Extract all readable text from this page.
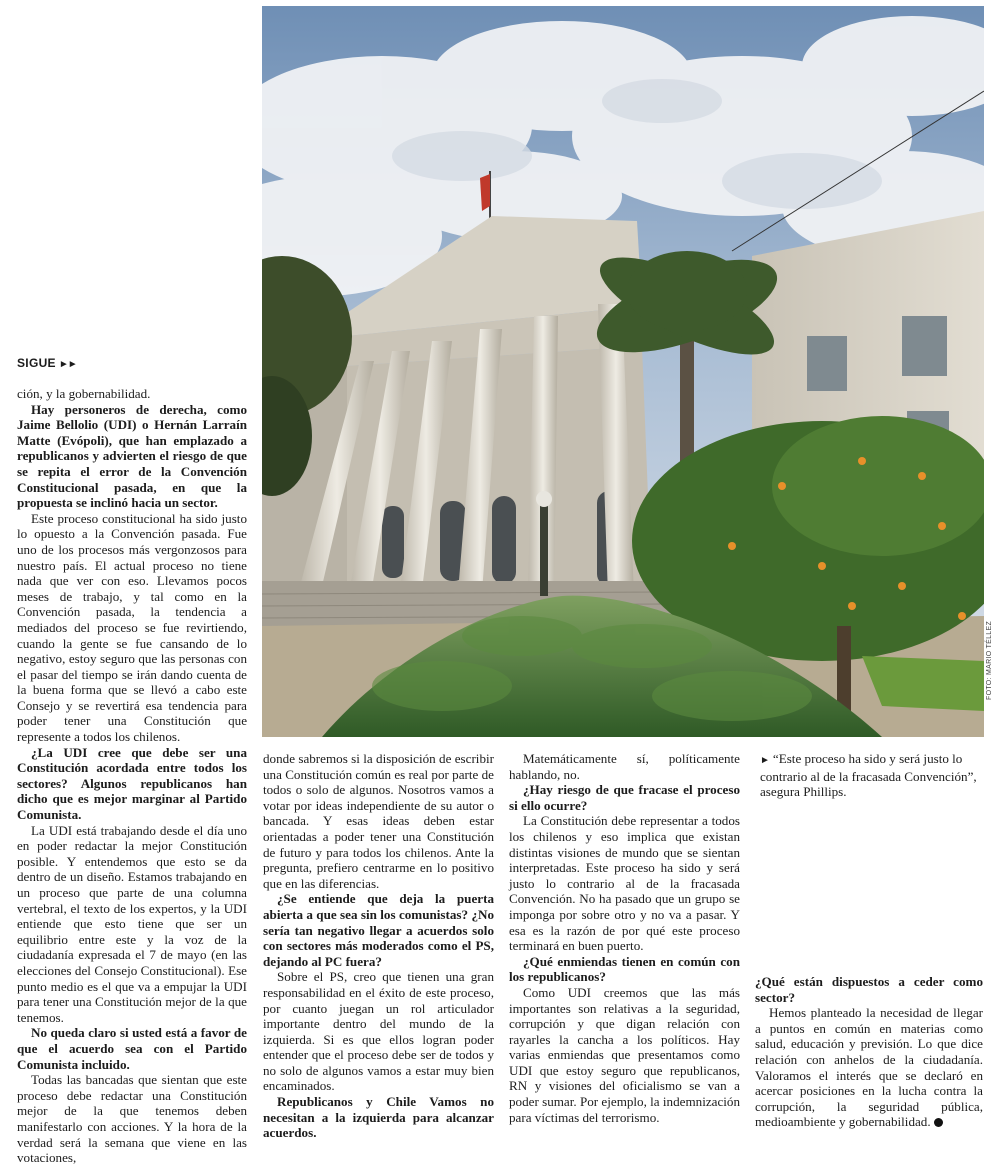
SIGUE ►►

ción, y la gobernabilidad.

Hay personeros de derecha, como Jaime Bellolio (UDI) o Hernán Larraín Matte (Evópoli), que han emplazado a republicanos y advierten el riesgo de que se repita el error de la Convención Constitucional pasada, en que la propuesta se inclinó hacia un sector.

Este proceso constitucional ha sido justo lo opuesto a la Convención pasada. Fue uno de los procesos más vergonzosos para nuestro país. El actual proceso no tiene nada que ver con eso. Llevamos pocos meses de trabajo, y tal como en la Convención pasada, la tendencia a mediados del proceso se fue revirtiendo, cuando la gente se fue cansando de lo negativo, estoy seguro que las personas con el pasar del tiempo se irán dando cuenta de la buena forma que se llevó a cabo este Consejo y se revertirá esa tendencia para poder tener una Constitución que represente a todos los chilenos.

¿La UDI cree que debe ser una Constitución acordada entre todos los sectores? Algunos republicanos han dicho que es mejor marginar al Partido Comunista.

La UDI está trabajando desde el día uno en poder redactar la mejor Constitución posible. Y entendemos que esto se da dentro de un diseño. Estamos trabajando en un proceso que parte de una columna vertebral, el texto de los expertos, y la UDI entiende que esto tiene que ser un equilibrio entre este y la voz de la ciudadanía expresada el 7 de mayo (en las elecciones del Consejo Constitucional). Ese punto medio es el que va a empujar la UDI para tener una Constitución mejor de la que tenemos.

No queda claro si usted está a favor de que el acuerdo sea con el Partido Comunista incluido.

Todas las bancadas que sientan que este proceso debe redactar una Constitución mejor de la que tenemos deben manifestarlo con acciones. Y la hora de la verdad será la semana que viene en las votaciones,

FOTO: MARIO TÉLLEZ

donde sabremos si la disposición de escribir una Constitución común es real por parte de todos o solo de algunos. Nosotros vamos a votar por ideas independiente de su autor o bancada. Y esas ideas deben estar orientadas a poder tener una Constitución de futuro y para todos los chilenos. Ante la pregunta, prefiero centrarme en lo positivo que en las diferencias.

¿Se entiende que deja la puerta abierta a que sea sin los comunistas? ¿No sería tan negativo llegar a acuerdos solo con sectores más moderados como el PS, dejando al PC fuera?

Sobre el PS, creo que tienen una gran responsabilidad en el éxito de este proceso, por cuanto juegan un rol articulador importante dentro del mundo de la izquierda. Si es que ellos logran poder entender que el proceso debe ser de todos y no solo de algunos vamos a estar muy bien encaminados.

Republicanos y Chile Vamos no necesitan a la izquierda para alcanzar acuerdos.

Matemáticamente sí, políticamente hablando, no.

¿Hay riesgo de que fracase el proceso si ello ocurre?

La Constitución debe representar a todos los chilenos y eso implica que existan distintas visiones de mundo que se sientan interpretadas. Este proceso ha sido y será justo lo contrario al de la fracasada Convención. No ha pasado que un grupo se imponga por sobre otro y no va a pasar. Y esa es la razón de por qué este proceso terminará en buen puerto.

¿Qué enmiendas tienen en común con los republicanos?

Como UDI creemos que las más importantes son relativas a la seguridad, corrupción y que digan relación con rayarles la cancha a los políticos. Hay varias enmiendas que presentamos como UDI que estoy seguro que republicanos, RN y visiones del oficialismo se van a poder sumar. Por ejemplo, la indemnización para víctimas del terrorismo.

► “Este proceso ha sido y será justo lo contrario al de la fracasada Convención”, asegura Phillips.

¿Qué están dispuestos a ceder como sector?

Hemos planteado la necesidad de llegar a puntos en común en materias como salud, educación y previsión. Lo que dice relación con anhelos de la ciudadanía. Valoramos el interés que se declaró en acercar posiciones en la lucha contra la corrupción, la seguridad pública, medioambiente y gobernabilidad.
